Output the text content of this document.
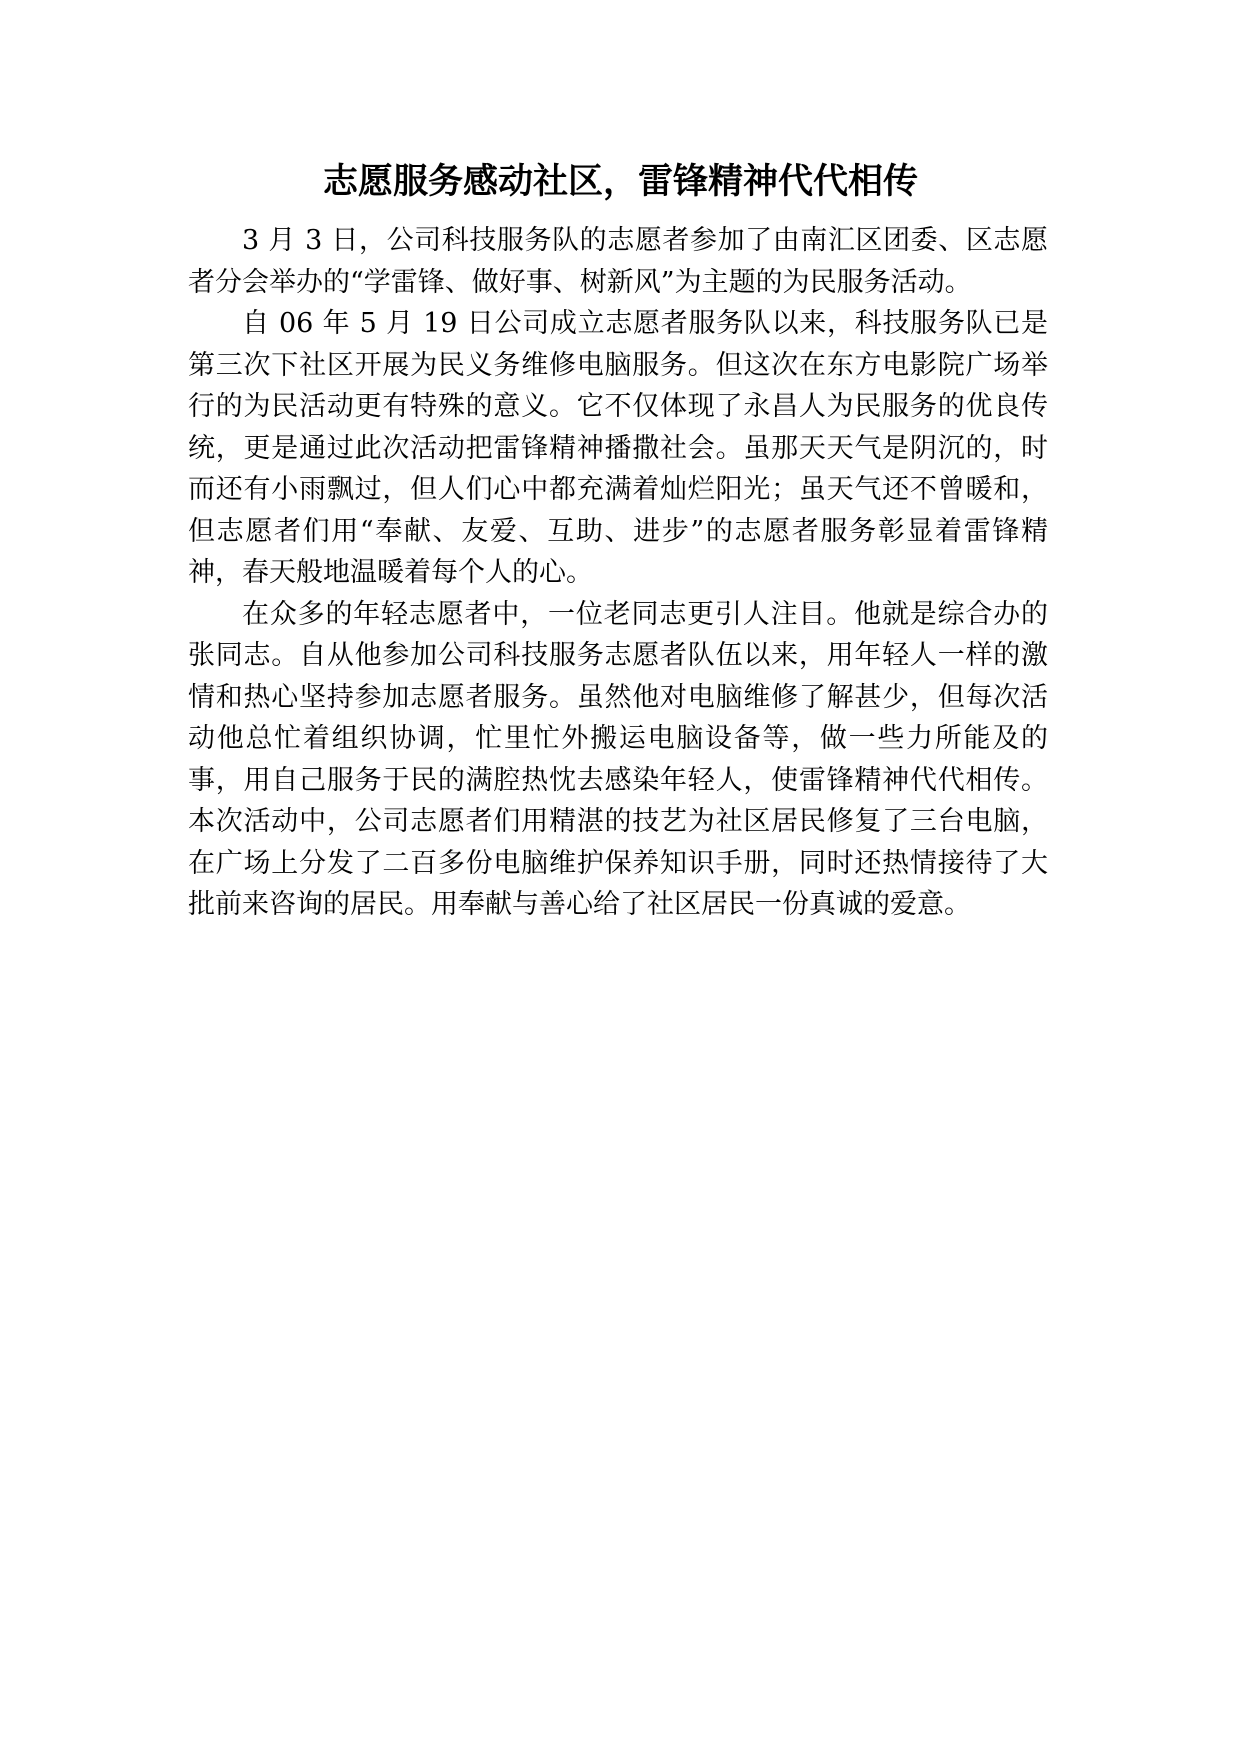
志愿服务感动社区，雷锋精神代代相传

3 月 3 日，公司科技服务队的志愿者参加了由南汇区团委、区志愿者分会举办的“学雷锋、做好事、树新风”为主题的为民服务活动。

自 06 年 5 月 19 日公司成立志愿者服务队以来，科技服务队已是第三次下社区开展为民义务维修电脑服务。但这次在东方电影院广场举行的为民活动更有特殊的意义。它不仅体现了永昌人为民服务的优良传统，更是通过此次活动把雷锋精神播撒社会。虽那天天气是阴沉的，时而还有小雨飘过，但人们心中都充满着灿烂阳光；虽天气还不曾暖和，但志愿者们用“奉献、友爱、互助、进步”的志愿者服务彰显着雷锋精神，春天般地温暖着每个人的心。

在众多的年轻志愿者中，一位老同志更引人注目。他就是综合办的张同志。自从他参加公司科技服务志愿者队伍以来，用年轻人一样的激情和热心坚持参加志愿者服务。虽然他对电脑维修了解甚少，但每次活动他总忙着组织协调，忙里忙外搬运电脑设备等，做一些力所能及的事，用自己服务于民的满腔热忱去感染年轻人，使雷锋精神代代相传。本次活动中，公司志愿者们用精湛的技艺为社区居民修复了三台电脑，在广场上分发了二百多份电脑维护保养知识手册，同时还热情接待了大批前来咨询的居民。用奉献与善心给了社区居民一份真诚的爱意。
